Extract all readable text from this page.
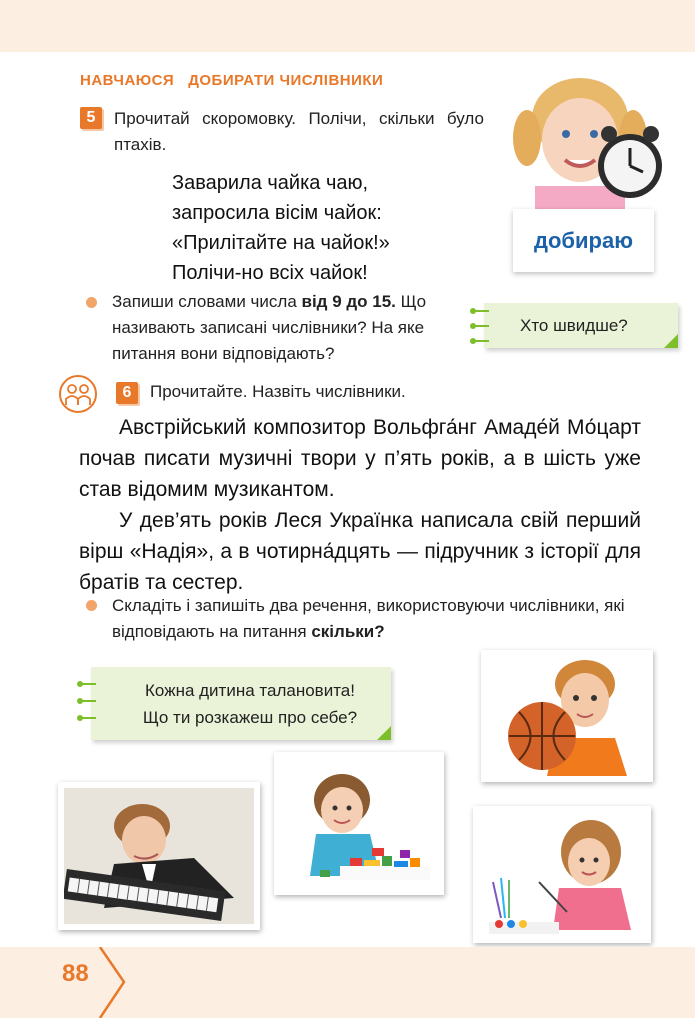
НАВЧАЮСЯ ДОБИРАТИ ЧИСЛІВНИКИ
5	Прочитай скоромовку. Полічи, скільки було птахів.
Заварила чайка чаю,
запросила вісім чайок:
«Прилітайте на чайок!»
Полічи-но всіх чайок!
добираю
Запиши словами числа від 9 до 15. Що називають записані числівники? На яке питання вони відповідають?
Хто швидше?
6	Прочитайте. Назвіть числівники.

Австрійський композитор Вольфга́нг Амаде́й Мо́царт почав писати музичні твори у п’ять років, а в шість уже став відомим музикантом.

У дев’ять років Леся Українка написала свій перший вірш «Надія», а в чотирна́дцять — підручник з історії для братів та сестер.

Складіть і запишіть два речення, використовуючи числівники, які відповідають на питання скільки?
Кожна дитина талановита!
Що ти розкажеш про себе?
88
